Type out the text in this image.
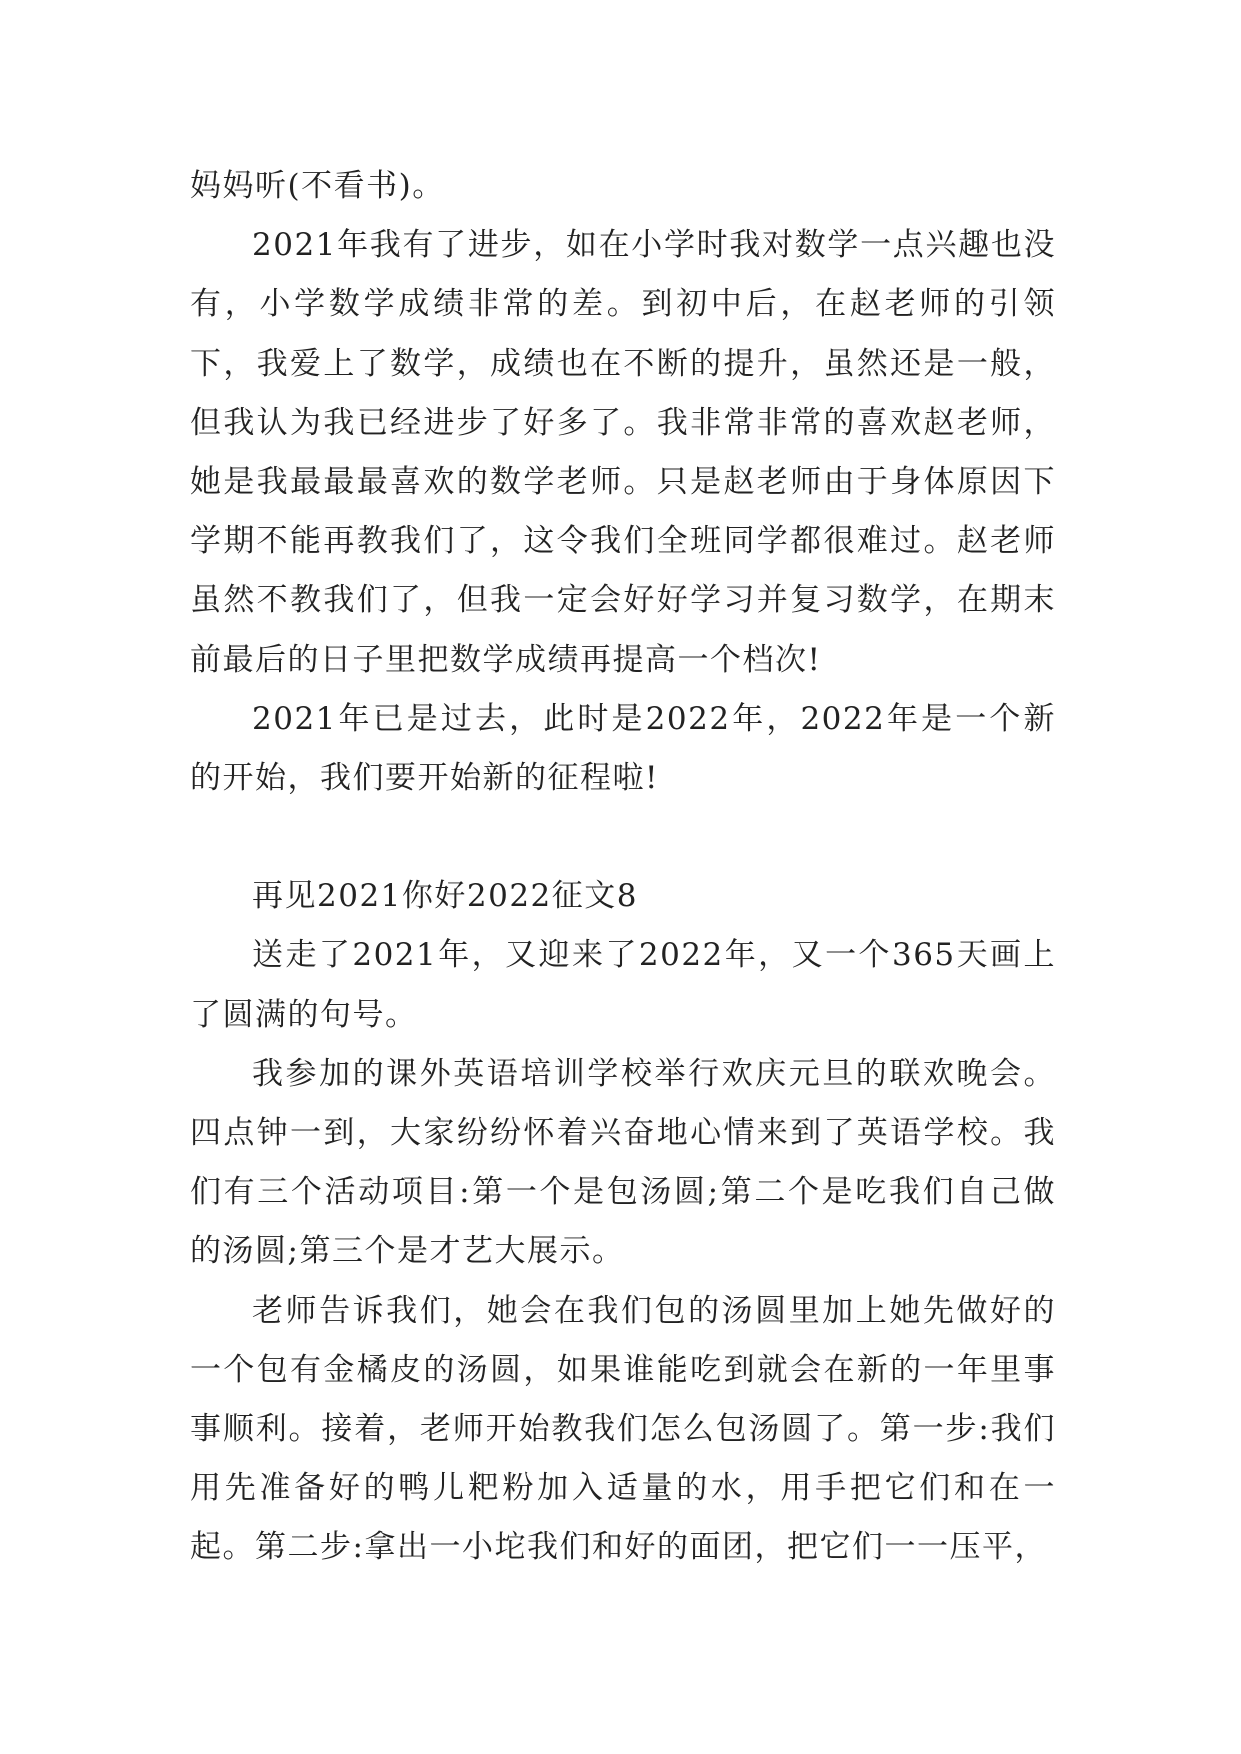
妈妈听(不看书)。

2021年我有了进步，如在小学时我对数学一点兴趣也没有，小学数学成绩非常的差。到初中后，在赵老师的引领下，我爱上了数学，成绩也在不断的提升，虽然还是一般，但我认为我已经进步了好多了。我非常非常的喜欢赵老师，她是我最最最喜欢的数学老师。只是赵老师由于身体原因下学期不能再教我们了，这令我们全班同学都很难过。赵老师虽然不教我们了，但我一定会好好学习并复习数学，在期末前最后的日子里把数学成绩再提高一个档次!

2021年已是过去，此时是2022年，2022年是一个新的开始，我们要开始新的征程啦!

再见2021你好2022征文8

送走了2021年，又迎来了2022年，又一个365天画上了圆满的句号。

我参加的课外英语培训学校举行欢庆元旦的联欢晚会。四点钟一到，大家纷纷怀着兴奋地心情来到了英语学校。我们有三个活动项目:第一个是包汤圆;第二个是吃我们自己做的汤圆;第三个是才艺大展示。

老师告诉我们，她会在我们包的汤圆里加上她先做好的一个包有金橘皮的汤圆，如果谁能吃到就会在新的一年里事事顺利。接着，老师开始教我们怎么包汤圆了。第一步:我们用先准备好的鸭儿粑粉加入适量的水，用手把它们和在一起。第二步:拿出一小坨我们和好的面团，把它们一一压平，
